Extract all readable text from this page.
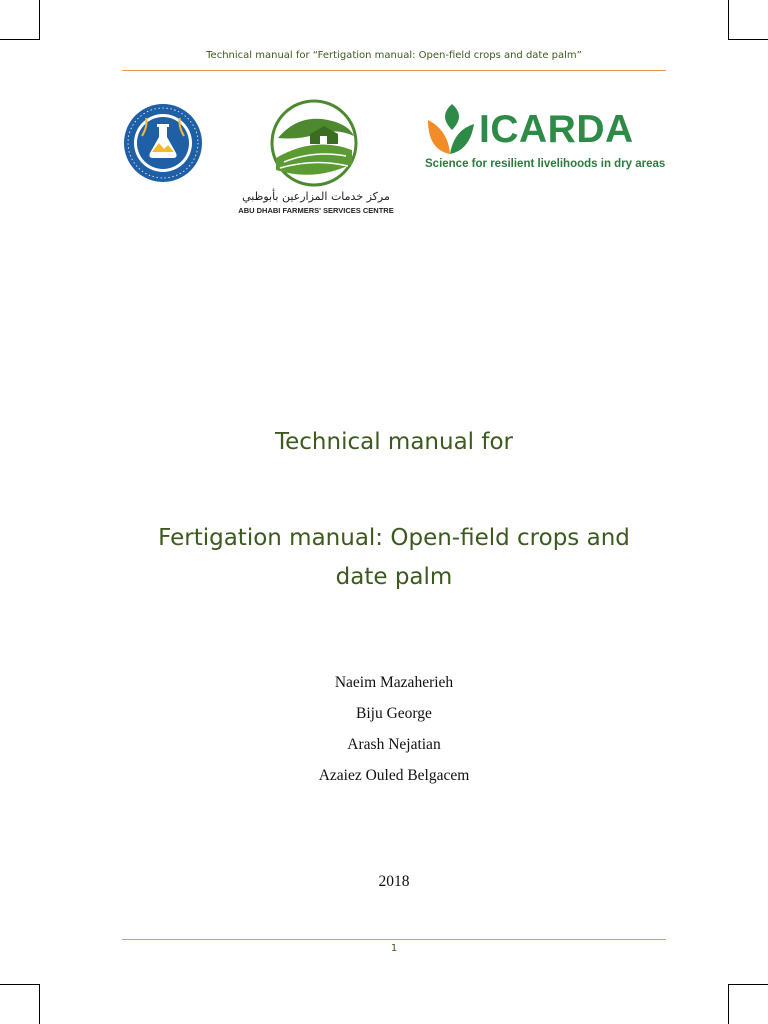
Technical manual for “Fertigation manual: Open-field crops and date palm”
مركز خدمات المزارعين بأبوظبي
ABU DHABI FARMERS' SERVICES CENTRE
ICARDA
Science for resilient livelihoods in dry areas
Technical manual for
Fertigation manual: Open-field crops and
date palm
Naeim Mazaherieh
Biju George
Arash Nejatian
Azaiez Ouled Belgacem
2018
1
